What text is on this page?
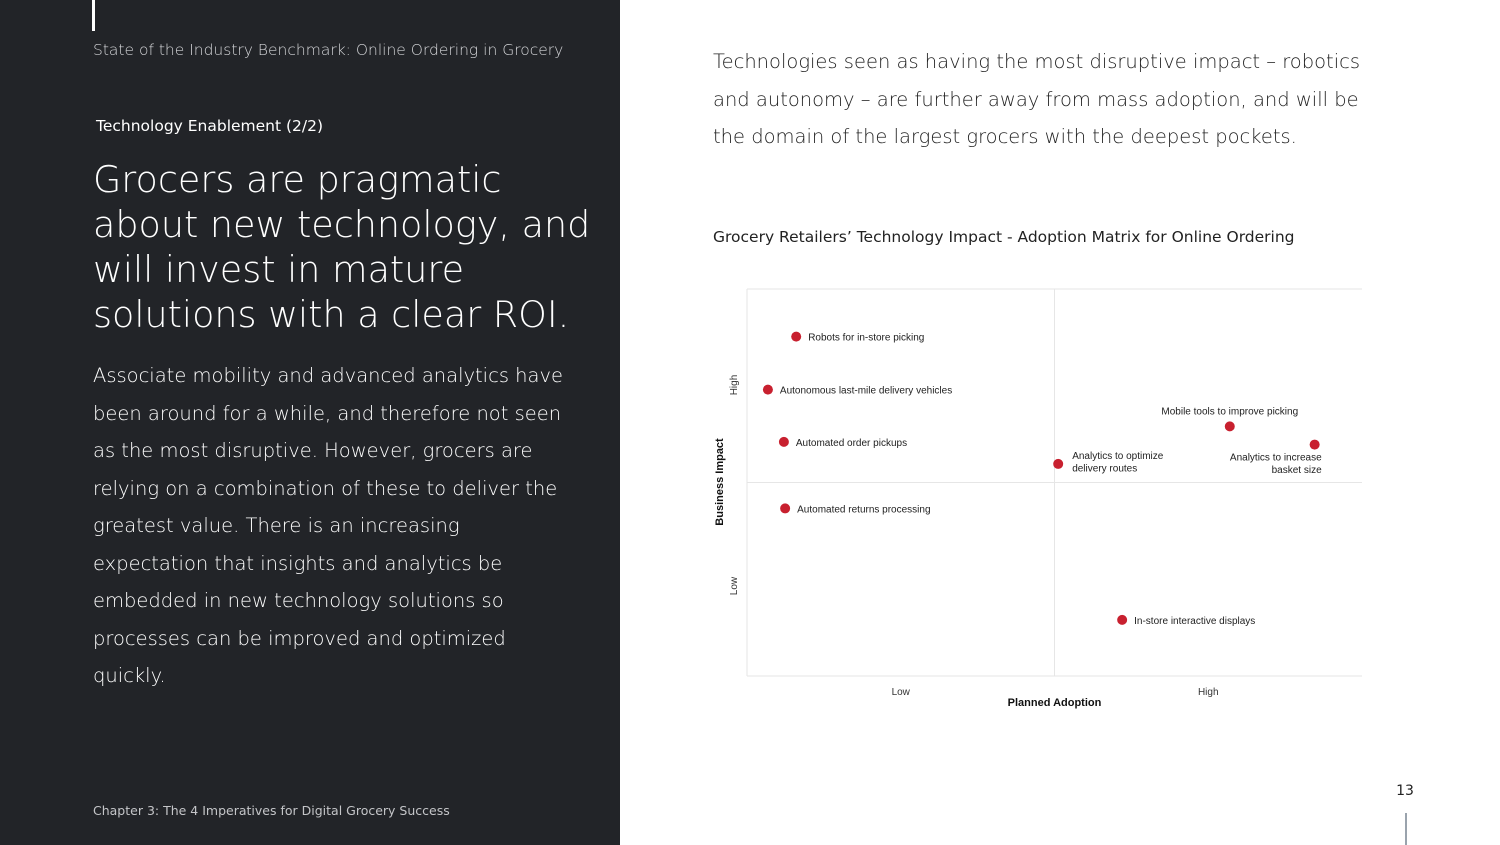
State of the Industry Benchmark: Online Ordering in Grocery
Technology Enablement (2/2)
Grocers are pragmatic about new technology, and will invest in mature solutions with a clear ROI.

Associate mobility and advanced analytics have been around for a while, and therefore not seen as the most disruptive. However, grocers are relying on a combination of these to deliver the greatest value. There is an increasing expectation that insights and analytics be embedded in new technology solutions so processes can be improved and optimized quickly.

Chapter 3: The 4 Imperatives for Digital Grocery Success

Technologies seen as having the most disruptive impact – robotics and autonomy – are further away from mass adoption, and will be the domain of the largest grocers with the deepest pockets.

Grocery Retailers’ Technology Impact - Adoption Matrix for Online Ordering
Low	High
Planned Adoption
Low
High
Business Impact
Robots for in-store picking
Autonomous last-mile delivery vehicles
Automated order pickups
Automated returns processing
Mobile tools to improve picking
Analytics to increase basket size
Analytics to optimize delivery routes
In-store interactive displays
13
